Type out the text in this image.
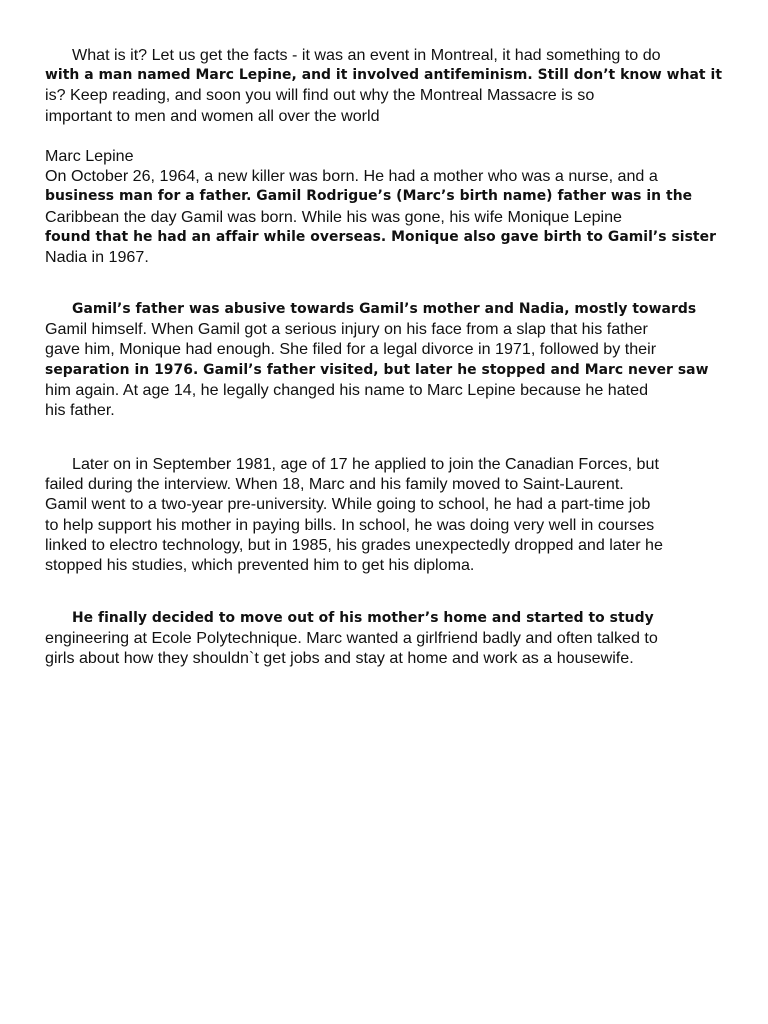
What is it? Let us get the facts - it was an event in Montreal, it had something to do
with a man named Marc Lepine, and it involved antifeminism. Still don’t know what it
is? Keep reading, and soon you will find out why the Montreal Massacre is so
important to men and women all over the world

Marc Lepine
On October 26, 1964, a new killer was born. He had a mother who was a nurse, and a
business man for a father. Gamil Rodrigue’s (Marc’s birth name) father was in the
Caribbean the day Gamil was born. While his was gone, his wife Monique Lepine
found that he had an affair while overseas. Monique also gave birth to Gamil’s sister
Nadia in 1967.

Gamil’s father was abusive towards Gamil’s mother and Nadia, mostly towards
Gamil himself. When Gamil got a serious injury on his face from a slap that his father
gave him, Monique had enough. She filed for a legal divorce in 1971, followed by their
separation in 1976. Gamil’s father visited, but later he stopped and Marc never saw
him again. At age 14, he legally changed his name to Marc Lepine because he hated
his father.

Later on in September 1981, age of 17 he applied to join the Canadian Forces, but
failed during the interview. When 18, Marc and his family moved to Saint-Laurent.
Gamil went to a two-year pre-university. While going to school, he had a part-time job
to help support his mother in paying bills. In school, he was doing very well in courses
linked to electro technology, but in 1985, his grades unexpectedly dropped and later he
stopped his studies, which prevented him to get his diploma.

He finally decided to move out of his mother’s home and started to study
engineering at Ecole Polytechnique. Marc wanted a girlfriend badly and often talked to
girls about how they shouldn`t get jobs and stay at home and work as a housewife.
